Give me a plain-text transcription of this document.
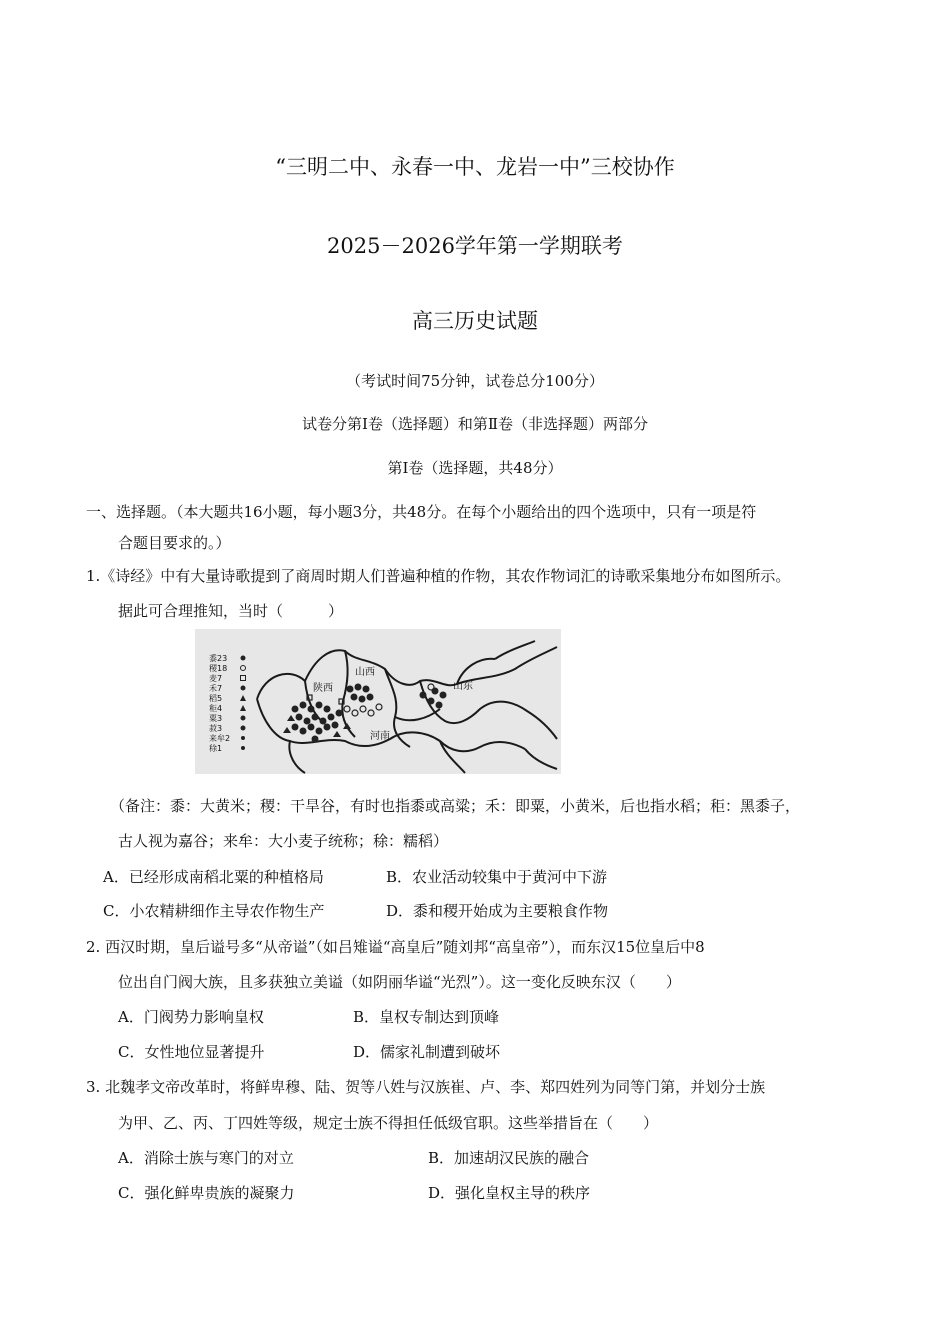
“三明二中、永春一中、龙岩一中”三校协作
2025－2026学年第一学期联考
高三历史试题
（考试时间75分钟，试卷总分100分）
试卷分第Ⅰ卷（选择题）和第Ⅱ卷（非选择题）两部分
第Ⅰ卷（选择题，共48分）
一、选择题。（本大题共16小题，每小题3分，共48分。在每个小题给出的四个选项中，只有一项是符
合题目要求的。）
1.《诗经》中有大量诗歌提到了商周时期人们普遍种植的作物，其农作物词汇的诗歌采集地分布如图所示。
据此可合理推知，当时（　　　）
山西
陕西	山东
河南
黍23
稷18
麦7
禾7
稻5
秬4
粟3
菽3
来牟2
稌1
（备注：黍：大黄米；稷：干旱谷，有时也指黍或高粱；禾：即粟，小黄米，后也指水稻；秬：黑黍子，
古人视为嘉谷；来牟：大小麦子统称；稌：糯稻）
A．已经形成南稻北粟的种植格局	B．农业活动较集中于黄河中下游
C．小农精耕细作主导农作物生产	D．黍和稷开始成为主要粮食作物
2. 西汉时期，皇后谥号多“从帝谥”（如吕雉谥“高皇后”随刘邦“高皇帝”），而东汉15位皇后中8
位出自门阀大族，且多获独立美谥（如阴丽华谥“光烈”）。这一变化反映东汉（　　）
A．门阀势力影响皇权	B．皇权专制达到顶峰
C．女性地位显著提升	D．儒家礼制遭到破坏
3. 北魏孝文帝改革时，将鲜卑穆、陆、贺等八姓与汉族崔、卢、李、郑四姓列为同等门第，并划分士族
为甲、乙、丙、丁四姓等级，规定士族不得担任低级官职。这些举措旨在（　　）
A．消除士族与寒门的对立	B．加速胡汉民族的融合
C．强化鲜卑贵族的凝聚力	D．强化皇权主导的秩序
